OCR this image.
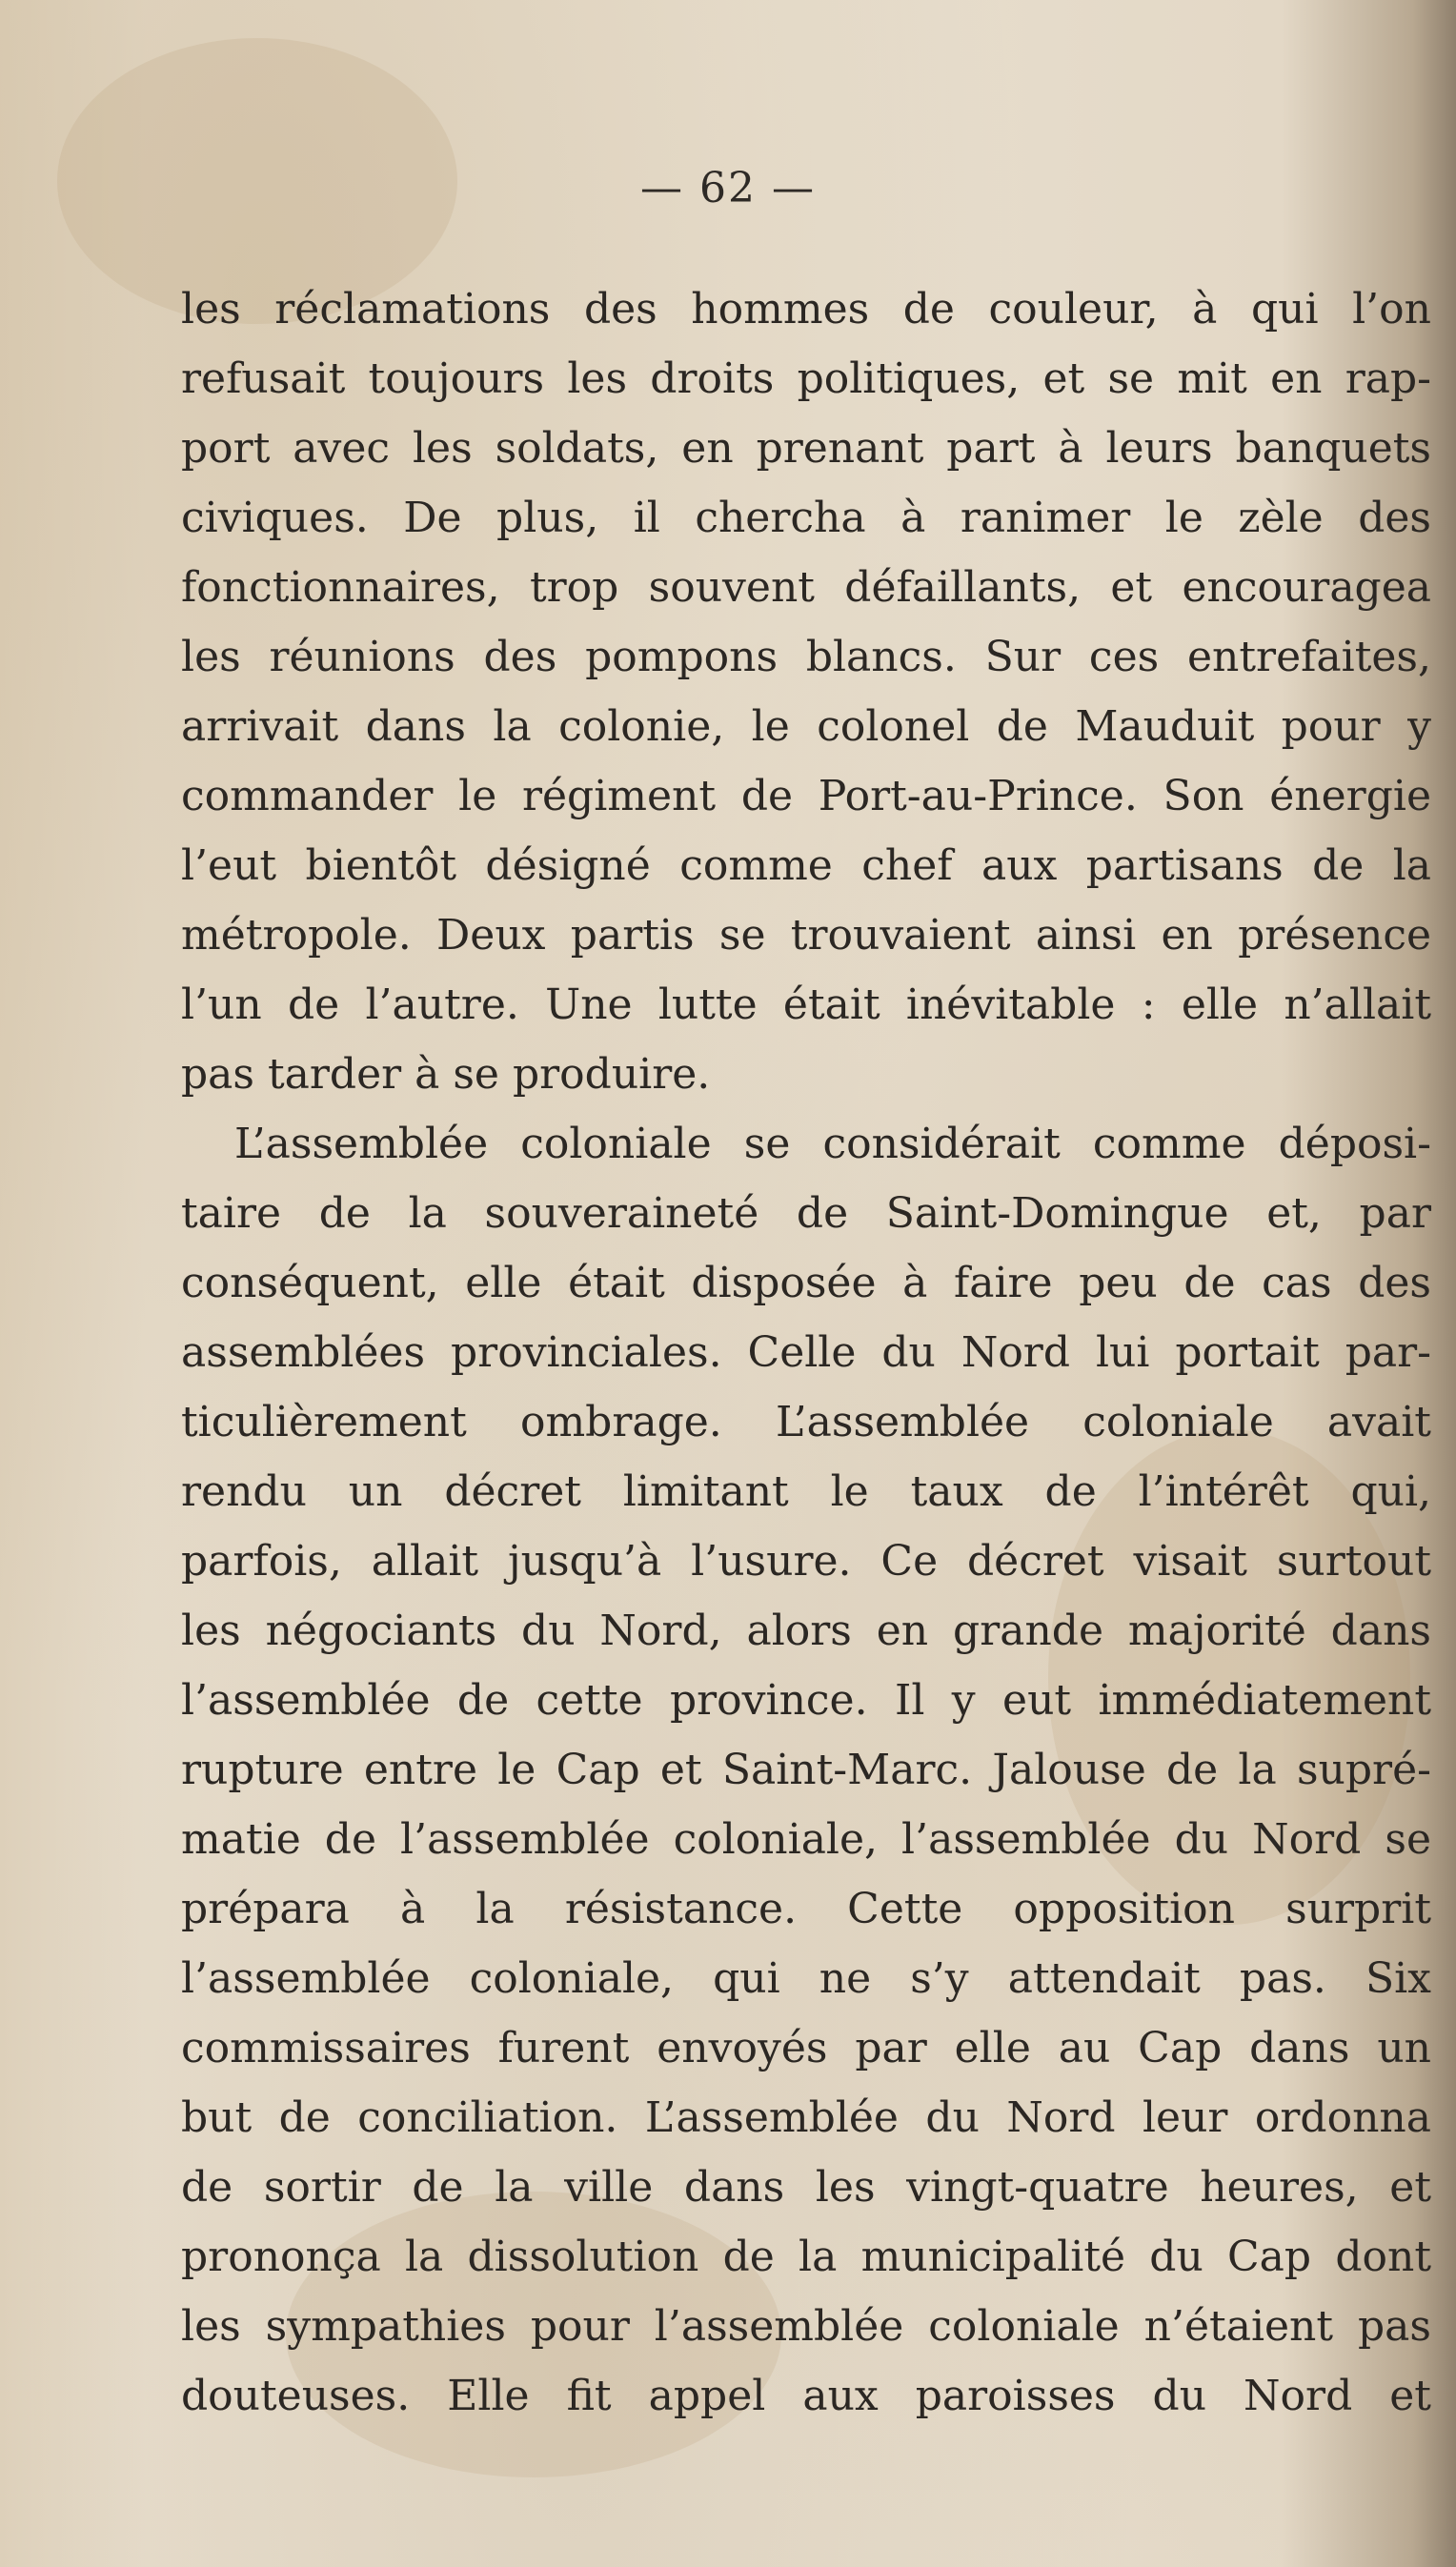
— 62 —
les réclamations des hommes de couleur, à qui l’on
refusait toujours les droits politiques, et se mit en rap-
port avec les soldats, en prenant part à leurs banquets
civiques. De plus, il chercha à ranimer le zèle des
fonctionnaires, trop souvent défaillants, et encouragea
les réunions des pompons blancs. Sur ces entrefaites,
arrivait dans la colonie, le colonel de Mauduit pour y
commander le régiment de Port-au-Prince. Son énergie
l’eut bientôt désigné comme chef aux partisans de la
métropole. Deux partis se trouvaient ainsi en présence
l’un de l’autre. Une lutte était inévitable : elle n’allait
pas tarder à se produire.
L’assemblée coloniale se considérait comme déposi-
taire de la souveraineté de Saint-Domingue et, par
conséquent, elle était disposée à faire peu de cas des
assemblées provinciales. Celle du Nord lui portait par-
ticulièrement ombrage. L’assemblée coloniale avait
rendu un décret limitant le taux de l’intérêt qui,
parfois, allait jusqu’à l’usure. Ce décret visait surtout
les négociants du Nord, alors en grande majorité dans
l’assemblée de cette province. Il y eut immédiatement
rupture entre le Cap et Saint-Marc. Jalouse de la supré-
matie de l’assemblée coloniale, l’assemblée du Nord se
prépara à la résistance. Cette opposition surprit
l’assemblée coloniale, qui ne s’y attendait pas. Six
commissaires furent envoyés par elle au Cap dans un
but de conciliation. L’assemblée du Nord leur ordonna
de sortir de la ville dans les vingt-quatre heures, et
prononça la dissolution de la municipalité du Cap dont
les sympathies pour l’assemblée coloniale n’étaient pas
douteuses. Elle fit appel aux paroisses du Nord et
